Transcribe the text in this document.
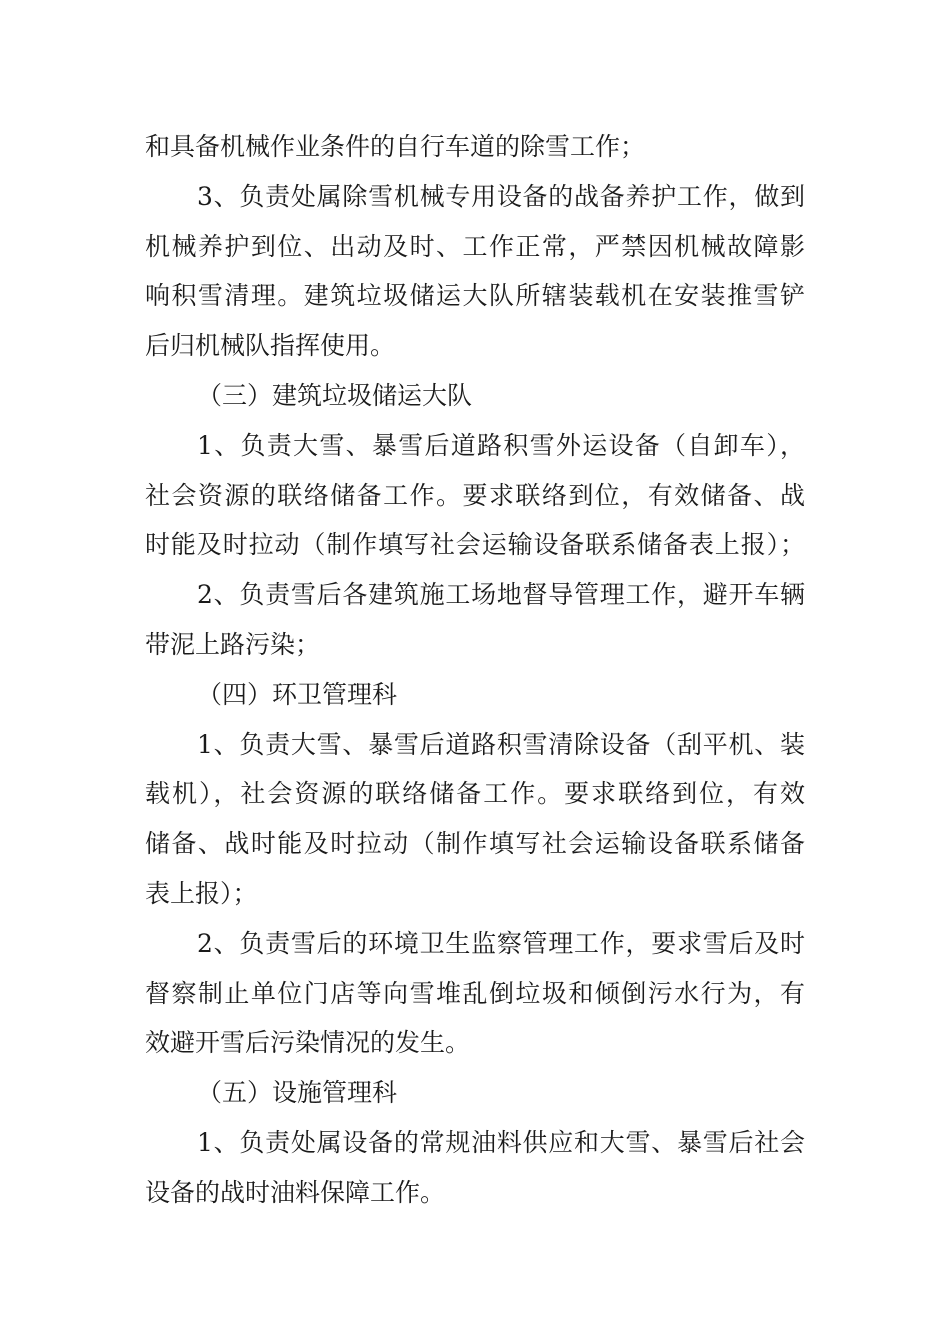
和具备机械作业条件的自行车道的除雪工作；
3、负责处属除雪机械专用设备的战备养护工作，做到
机械养护到位、出动及时、工作正常，严禁因机械故障影
响积雪清理。建筑垃圾储运大队所辖装载机在安装推雪铲
后归机械队指挥使用。
（三）建筑垃圾储运大队
1、负责大雪、暴雪后道路积雪外运设备（自卸车），
社会资源的联络储备工作。要求联络到位，有效储备、战
时能及时拉动（制作填写社会运输设备联系储备表上报）；
2、负责雪后各建筑施工场地督导管理工作，避开车辆
带泥上路污染；
（四）环卫管理科
1、负责大雪、暴雪后道路积雪清除设备（刮平机、装
载机），社会资源的联络储备工作。要求联络到位，有效
储备、战时能及时拉动（制作填写社会运输设备联系储备
表上报）；
2、负责雪后的环境卫生监察管理工作，要求雪后及时
督察制止单位门店等向雪堆乱倒垃圾和倾倒污水行为，有
效避开雪后污染情况的发生。
（五）设施管理科
1、负责处属设备的常规油料供应和大雪、暴雪后社会
设备的战时油料保障工作。
